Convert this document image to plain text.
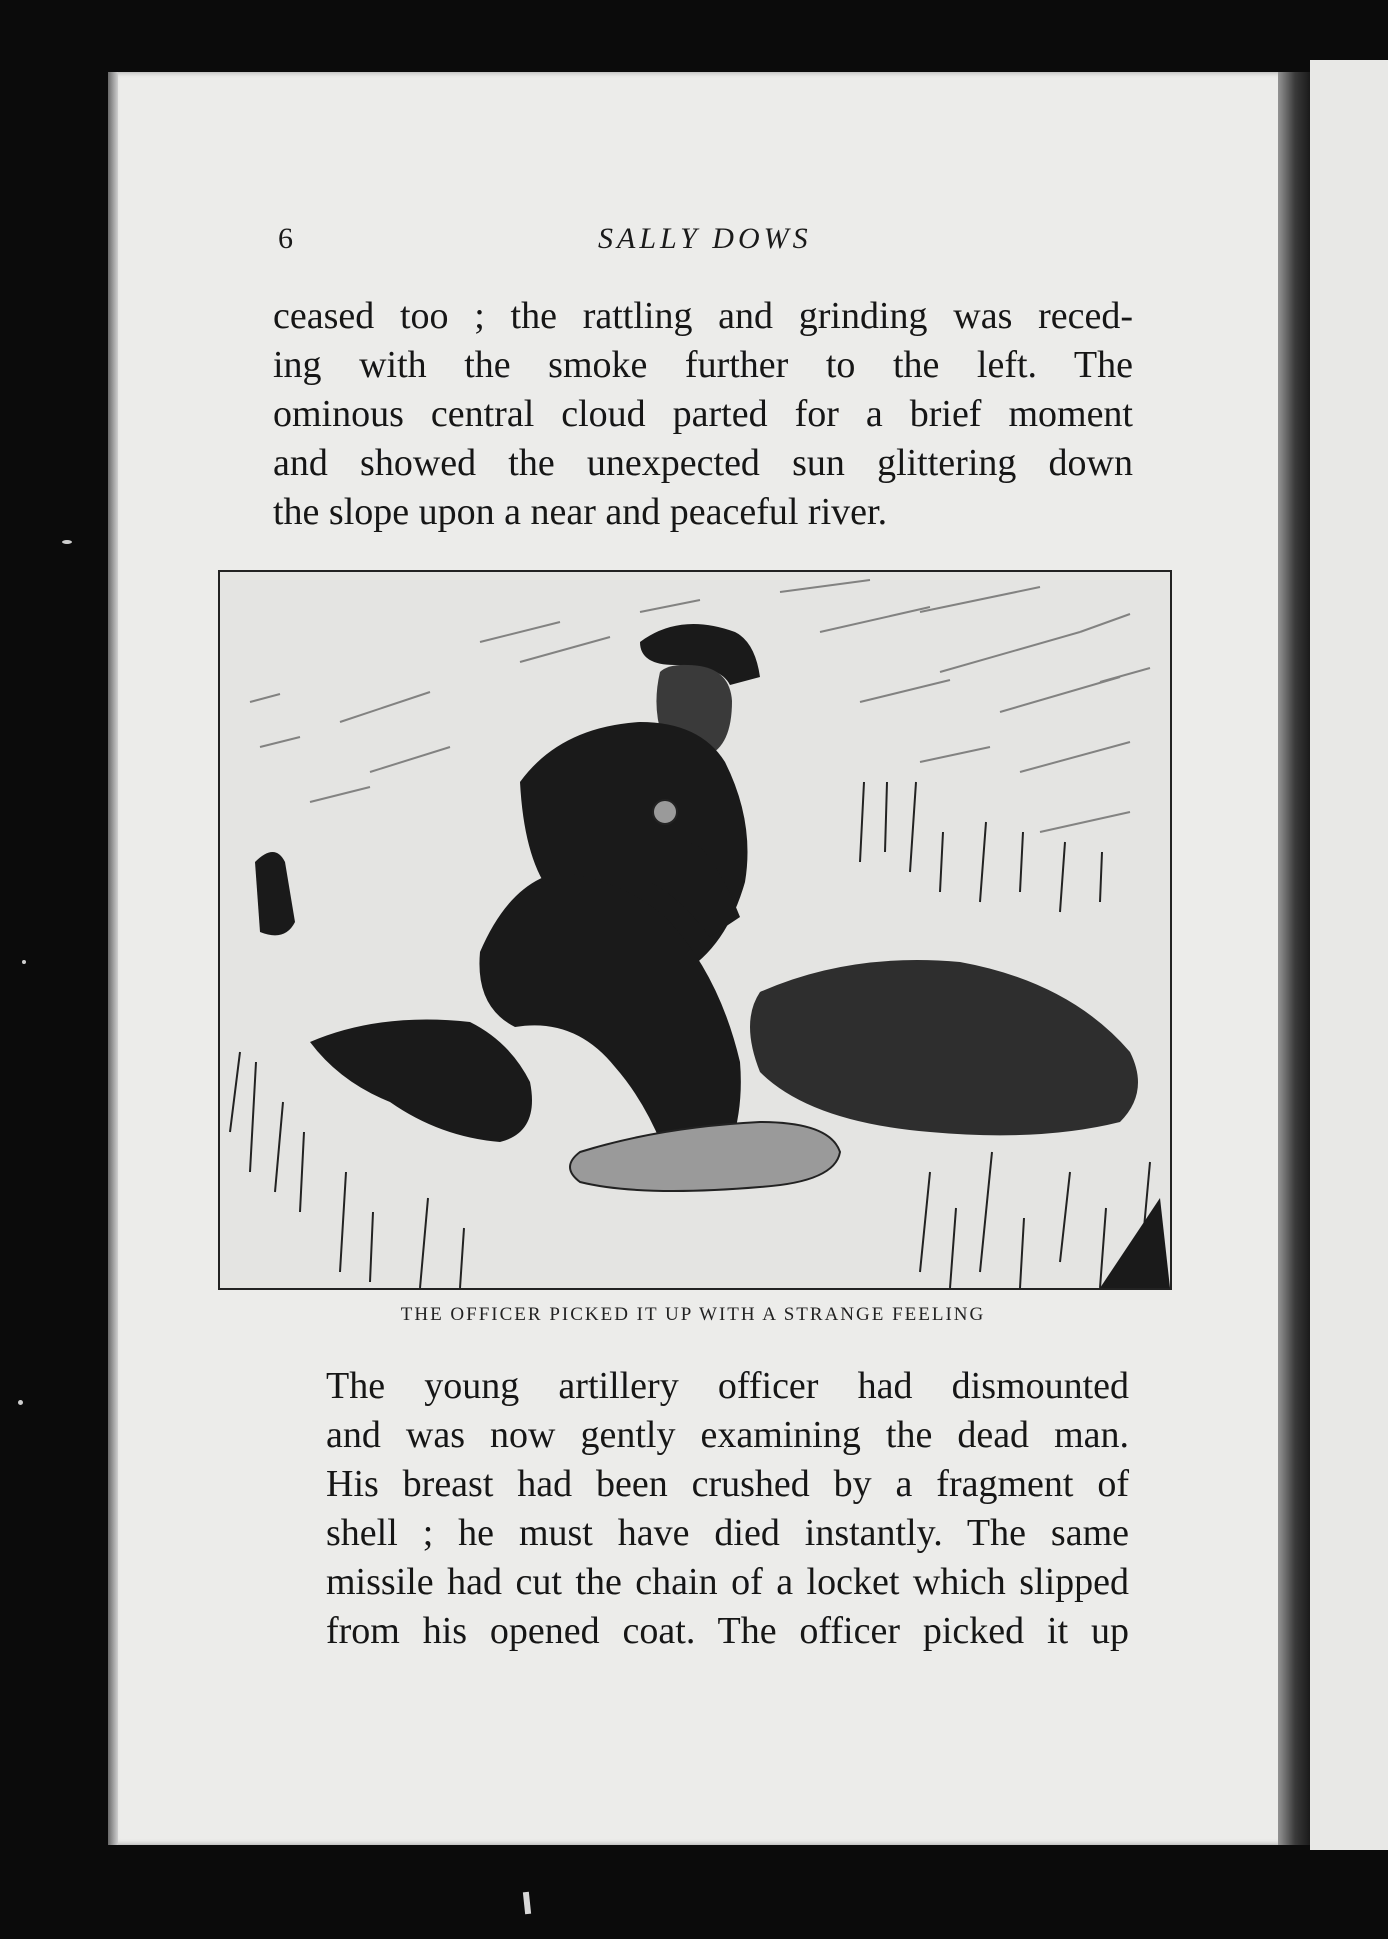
6	SALLY DOWS

ceased too ; the rattling and grinding was reced-
ing with the smoke further to the left. The
ominous central cloud parted for a brief moment
and showed the unexpected sun glittering down
the slope upon a near and peaceful river.

THE OFFICER PICKED IT UP WITH A STRANGE FEELING

The young artillery officer had dismounted
and was now gently examining the dead man.
His breast had been crushed by a fragment of
shell ; he must have died instantly. The same
missile had cut the chain of a locket which slipped
from his opened coat. The officer picked it up
